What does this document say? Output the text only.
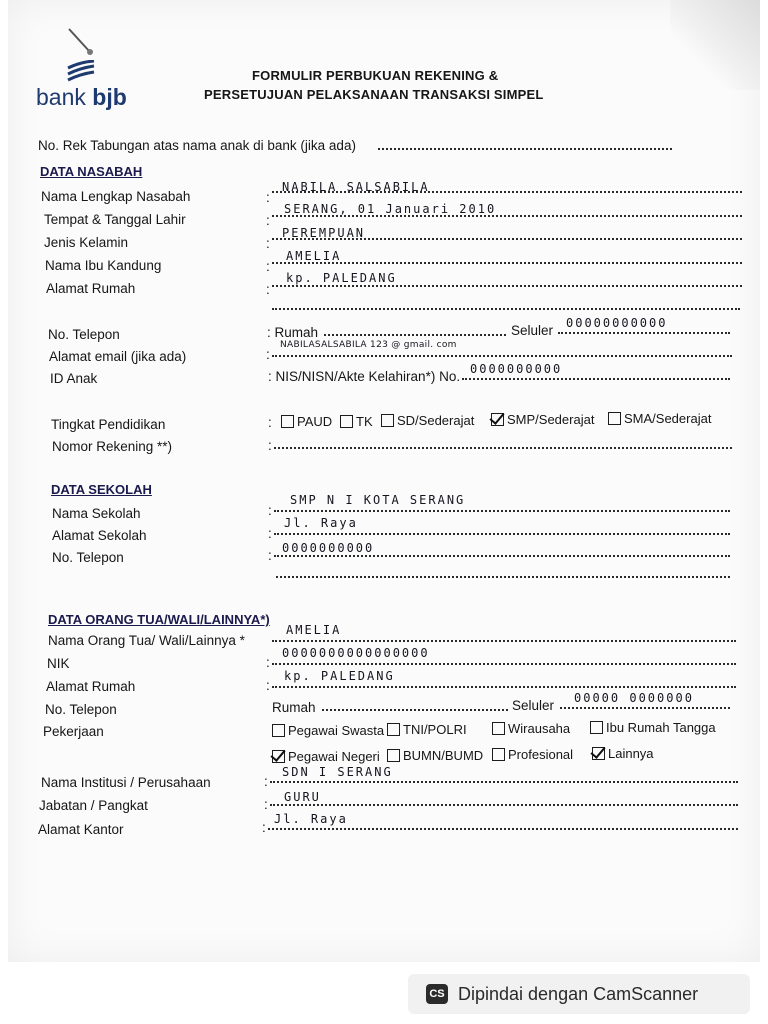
bank bjb
FORMULIR PERBUKUAN REKENING &
PERSETUJUAN PELAKSANAAN TRANSAKSI SIMPEL
No. Rek Tabungan atas nama anak di bank (jika ada)
DATA NASABAH
Nama Lengkap Nasabah	:
NABILA SALSABILA
Tempat & Tanggal Lahir	:
SERANG, 01 Januari 2010
Jenis Kelamin	:
PEREMPUAN
Nama Ibu Kandung	:
AMELIA
Alamat Rumah	:
kp. PALEDANG
No. Telepon	: Rumah	Seluler 00000000000
Alamat email (jika ada)	:
NABILASALSABILA 123 @ gmail. com
ID Anak	: NIS/NISN/Akte Kelahiran*) No. 0000000000
Tingkat Pendidikan	: PAUD TK SD/Sederajat	SMP/Sederajat SMA/Sederajat
Nomor Rekening **)	:
DATA SEKOLAH
Nama Sekolah	:
SMP N I KOTA SERANG
Alamat Sekolah	:
Jl. Raya
No. Telepon	: 0000000000
DATA ORANG TUA/WALI/LAINNYA*)
Nama Orang Tua/ Wali/Lainnya *
AMELIA
NIK	:
0000000000000000
Alamat Rumah	:
kp. PALEDANG
No. Telepon	Rumah	Seluler 00000 0000000
Pekerjaan	Pegawai Swasta TNI/POLRI	Wirausaha	Ibu Rumah Tangga
Pegawai Negeri BUMN/BUMD Profesional	Lainnya
Nama Institusi / Perusahaan	:
SDN I SERANG
Jabatan / Pangkat	: GURU
Alamat Kantor	:
Jl. Raya
CS Dipindai dengan CamScanner
